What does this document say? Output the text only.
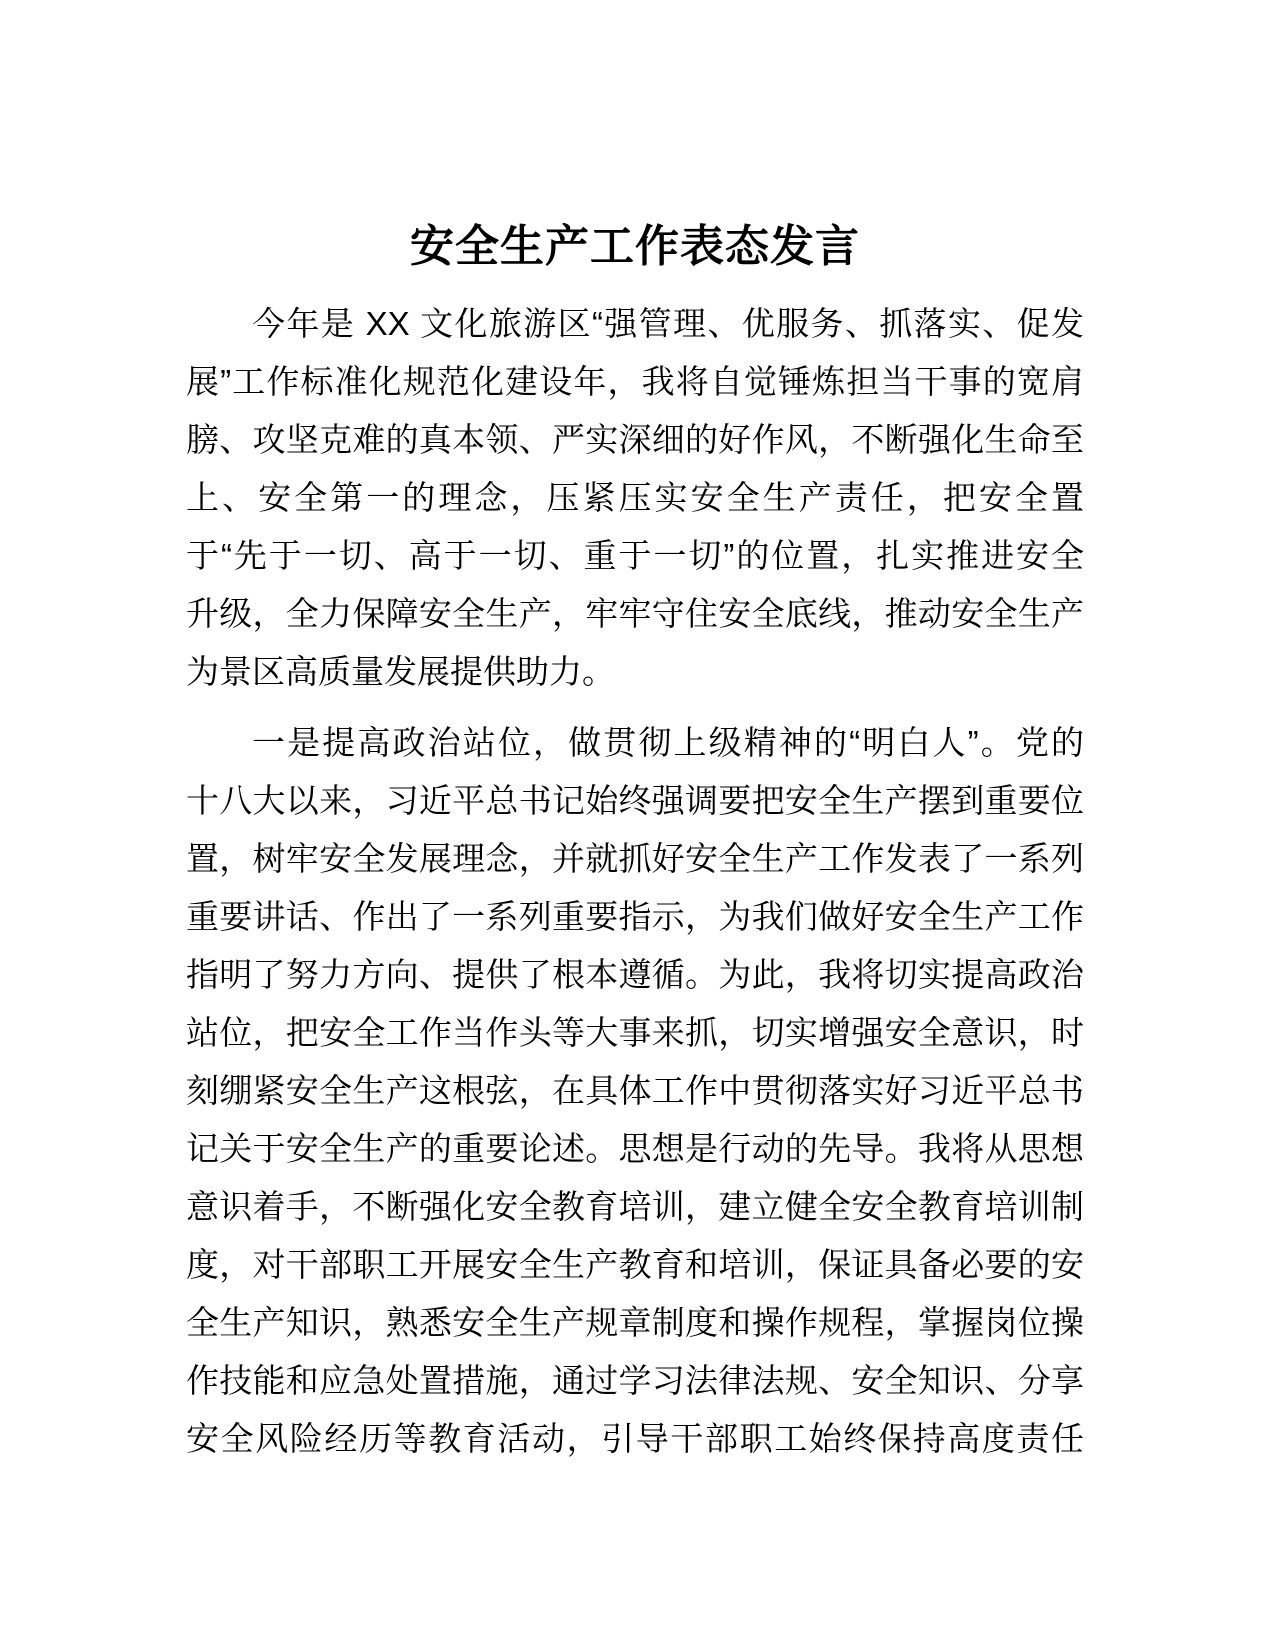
安全生产工作表态发言
今年是 XX 文化旅游区“强管理、优服务、抓落实、促发
展”工作标准化规范化建设年，我将自觉锤炼担当干事的宽肩
膀、攻坚克难的真本领、严实深细的好作风，不断强化生命至
上、安全第一的理念，压紧压实安全生产责任，把安全置
于“先于一切、高于一切、重于一切”的位置，扎实推进安全
升级，全力保障安全生产，牢牢守住安全底线，推动安全生产
为景区高质量发展提供助力。
一是提高政治站位，做贯彻上级精神的“明白人”。党的
十八大以来，习近平总书记始终强调要把安全生产摆到重要位
置，树牢安全发展理念，并就抓好安全生产工作发表了一系列
重要讲话、作出了一系列重要指示，为我们做好安全生产工作
指明了努力方向、提供了根本遵循。为此，我将切实提高政治
站位，把安全工作当作头等大事来抓，切实增强安全意识，时
刻绷紧安全生产这根弦，在具体工作中贯彻落实好习近平总书
记关于安全生产的重要论述。思想是行动的先导。我将从思想
意识着手，不断强化安全教育培训，建立健全安全教育培训制
度，对干部职工开展安全生产教育和培训，保证具备必要的安
全生产知识，熟悉安全生产规章制度和操作规程，掌握岗位操
作技能和应急处置措施，通过学习法律法规、安全知识、分享
安全风险经历等教育活动，引导干部职工始终保持高度责任
